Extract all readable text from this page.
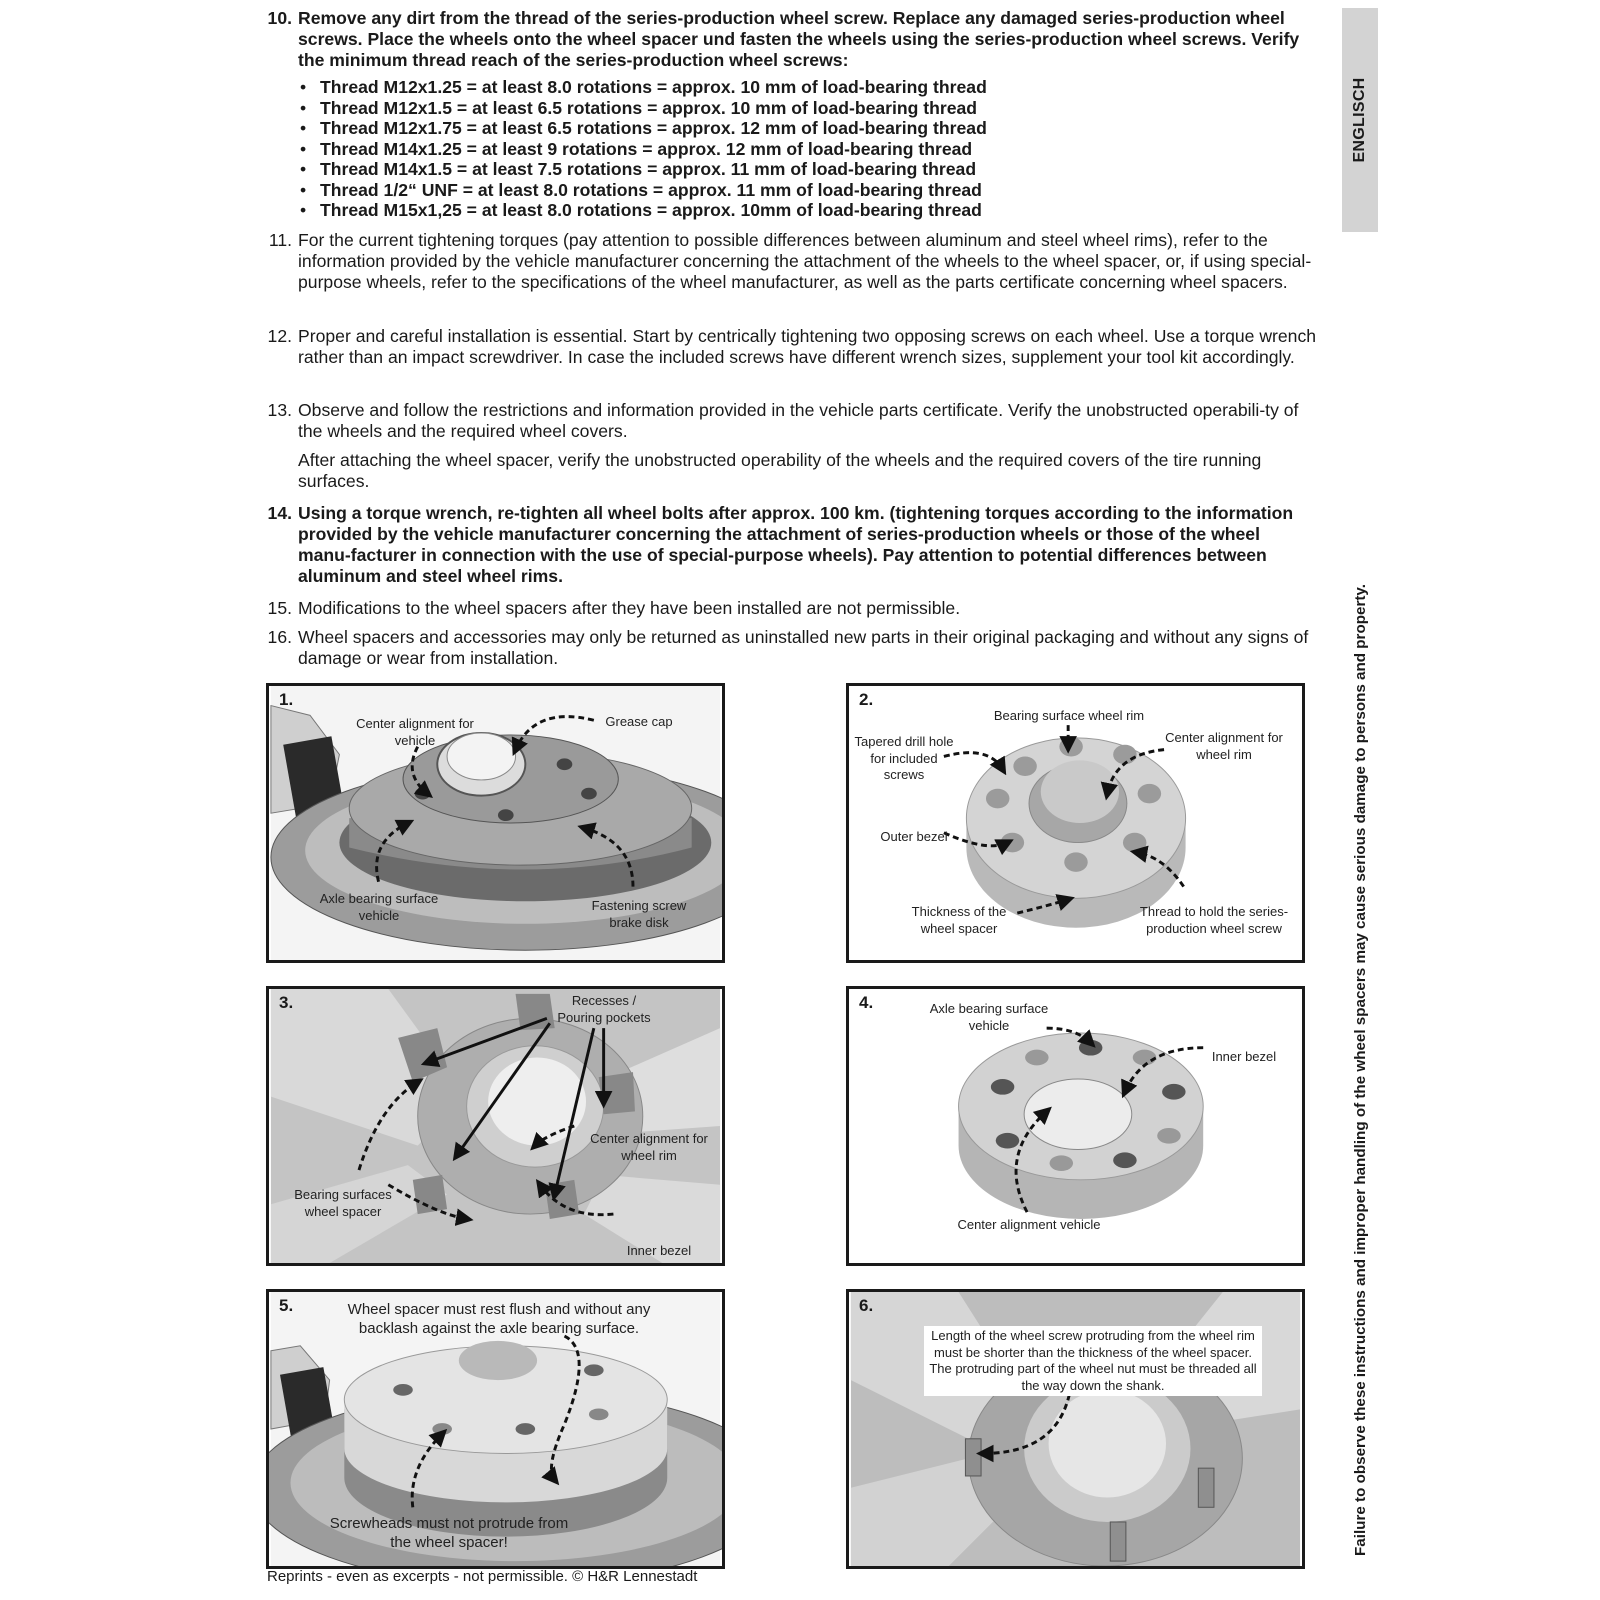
ENGLISCH
10. Remove any dirt from the thread of the series-production wheel screw. Replace any damaged series-production wheel screws. Place the wheels onto the wheel spacer und fasten the wheels using the series-production wheel screws. Verify the minimum thread reach of the series-production wheel screws:

• Thread M12x1.25 = at least 8.0 rotations = approx. 10 mm of load-bearing thread
• Thread M12x1.5 = at least 6.5 rotations = approx. 10 mm of load-bearing thread
• Thread M12x1.75 = at least 6.5 rotations = approx. 12 mm of load-bearing thread
• Thread M14x1.25 = at least 9 rotations = approx. 12 mm of load-bearing thread
• Thread M14x1.5 = at least 7.5 rotations = approx. 11 mm of load-bearing thread
• Thread 1/2“ UNF = at least 8.0 rotations = approx. 11 mm of load-bearing thread
• Thread M15x1,25 = at least 8.0 rotations = approx. 10mm of load-bearing thread
11. For the current tightening torques (pay attention to possible differences between aluminum and steel wheel rims), refer to the information provided by the vehicle manufacturer concerning the attachment of the wheels to the wheel spacer, or, if using special-purpose wheels, refer to the specifications of the wheel manufacturer, as well as the parts certificate concerning wheel spacers.

12. Proper and careful installation is essential. Start by centrically tightening two opposing screws on each wheel. Use a torque wrench rather than an impact screwdriver. In case the included screws have different wrench sizes, supplement your tool kit accordingly.

13. Observe and follow the restrictions and information provided in the vehicle parts certificate. Verify the unobstructed operabili-ty of the wheels and the required wheel covers.

After attaching the wheel spacer, verify the unobstructed operability of the wheels and the required covers of the tire running surfaces.

14. Using a torque wrench, re-tighten all wheel bolts after approx. 100 km. (tightening torques according to the information provided by the vehicle manufacturer concerning the attachment of series-production wheels or those of the wheel manu-facturer in connection with the use of special-purpose wheels). Pay attention to potential differences between aluminum and steel wheel rims.

15. Modifications to the wheel spacers after they have been installed are not permissible.

16. Wheel spacers and accessories may only be returned as uninstalled new parts in their original packaging and without any signs of damage or wear from installation.

1.
Center alignment for
vehicle
Grease cap
Axle bearing surface
vehicle
Fastening screw
brake disk
2.
Bearing surface wheel rim
Tapered drill hole
for included
screws
Center alignment for
wheel rim
Outer bezel
Thickness of the
wheel spacer
Thread to hold the series-
production wheel screw
3.	Recesses /
Pouring pockets
Center alignment for
wheel rim
Bearing surfaces
wheel spacer
Inner bezel
4.	Axle bearing surface
vehicle
Inner bezel
Center alignment vehicle
5.	Wheel spacer must rest flush and without any
backlash against the axle bearing surface.
Screwheads must not protrude from
the wheel spacer!
6.
Length of the wheel screw protruding from the wheel rim
must be shorter than the thickness of the wheel spacer.
The protruding part of the wheel nut must be threaded all
the way down the shank.	Failure to observe these instructions and improper handling of the wheel spacers may cause serious damage to persons and property.
Reprints - even as excerpts - not permissible. © H&R Lennestadt
